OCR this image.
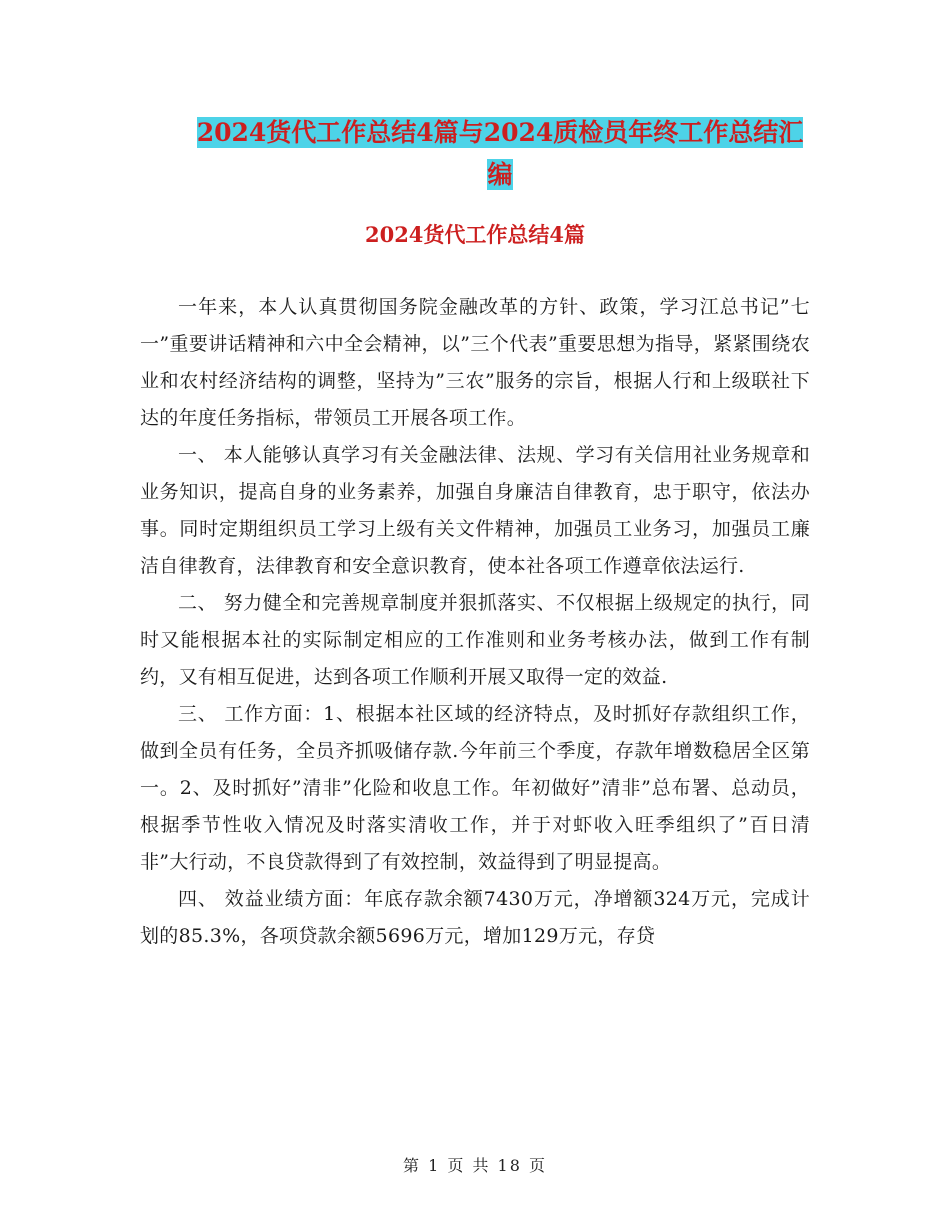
2024货代工作总结4篇与2024质检员年终工作总结汇
编
2024货代工作总结4篇

一年来，本人认真贯彻国务院金融改革的方针、政策，学习江总书记”七一”重要讲话精神和六中全会精神，以”三个代表”重要思想为指导，紧紧围绕农业和农村经济结构的调整，坚持为”三农”服务的宗旨，根据人行和上级联社下达的年度任务指标，带领员工开展各项工作。

一、 本人能够认真学习有关金融法律、法规、学习有关信用社业务规章和业务知识，提高自身的业务素养，加强自身廉洁自律教育，忠于职守，依法办事。同时定期组织员工学习上级有关文件精神，加强员工业务习，加强员工廉洁自律教育，法律教育和安全意识教育，使本社各项工作遵章依法运行.

二、 努力健全和完善规章制度并狠抓落实、不仅根据上级规定的执行，同时又能根据本社的实际制定相应的工作准则和业务考核办法，做到工作有制约，又有相互促进，达到各项工作顺利开展又取得一定的效益.

三、 工作方面：1、根据本社区域的经济特点，及时抓好存款组织工作，做到全员有任务，全员齐抓吸储存款.今年前三个季度，存款年增数稳居全区第一。2、及时抓好”清非”化险和收息工作。年初做好”清非”总布署、总动员，根据季节性收入情况及时落实清收工作，并于对虾收入旺季组织了”百日清非”大行动，不良贷款得到了有效控制，效益得到了明显提高。

四、 效益业绩方面：年底存款余额7430万元，净增额324万元，完成计划的85.3%，各项贷款余额5696万元，增加129万元，存贷

第 1 页 共 18 页
